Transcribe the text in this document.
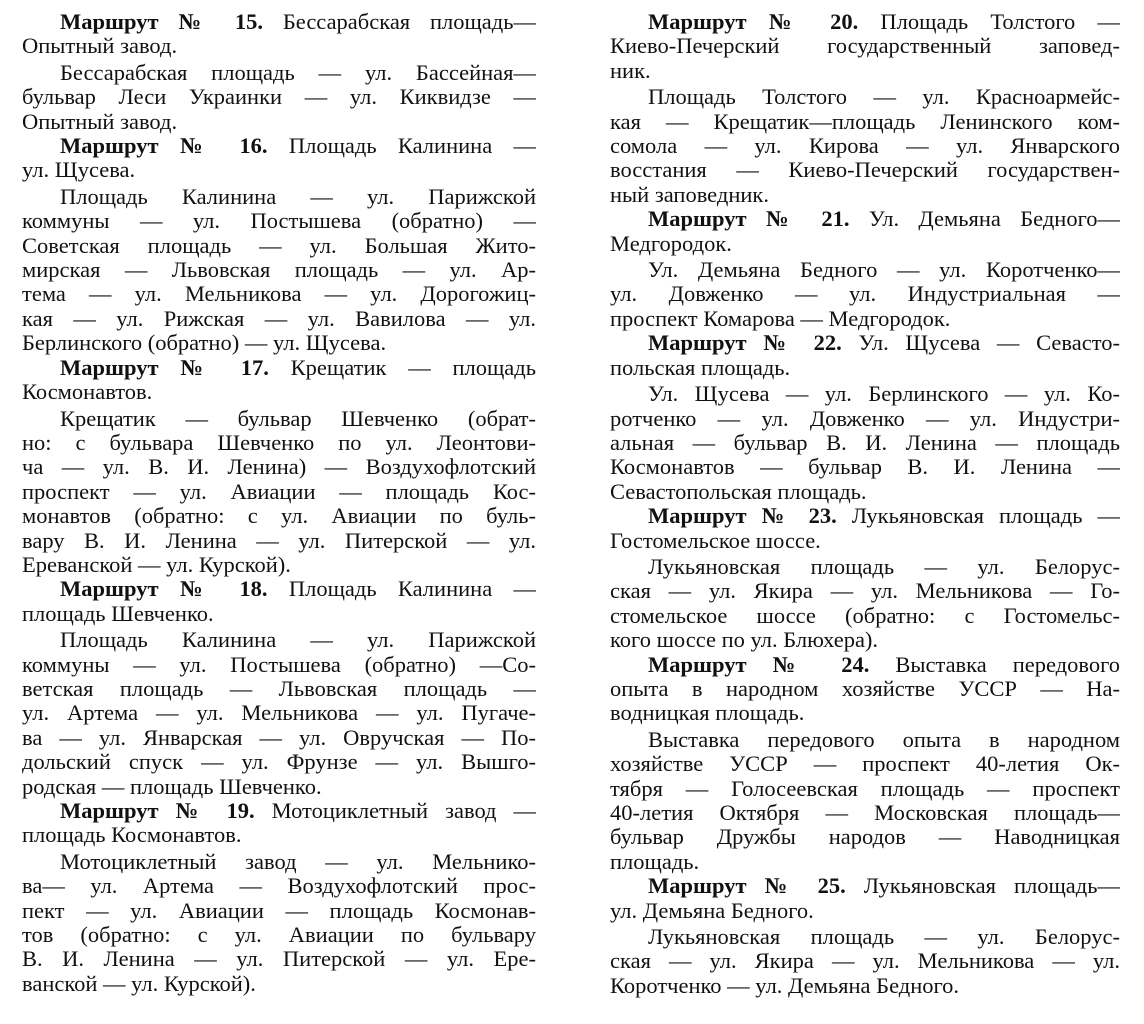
Маршрут № 15. Бессарабская площадь—
Опытный завод.
Бессарабская площадь — ул. Бассейная—
бульвар Леси Украинки — ул. Киквидзе —
Опытный завод.
Маршрут № 16. Площадь Калинина —
ул. Щусева.
Площадь Калинина — ул. Парижской
коммуны — ул. Постышева (обратно) —
Советская площадь — ул. Большая Жито-
мирская — Львовская площадь — ул. Ар-
тема — ул. Мельникова — ул. Дорогожиц-
кая — ул. Рижская — ул. Вавилова — ул.
Берлинского (обратно) — ул. Щусева.
Маршрут № 17. Крещатик — площадь
Космонавтов.
Крещатик — бульвар Шевченко (обрат-
но: с бульвара Шевченко по ул. Леонтови-
ча — ул. В. И. Ленина) — Воздухофлотский
проспект — ул. Авиации — площадь Кос-
монавтов (обратно: с ул. Авиации по буль-
вару В. И. Ленина — ул. Питерской — ул.
Ереванской — ул. Курской).
Маршрут № 18. Площадь Калинина —
площадь Шевченко.
Площадь Калинина — ул. Парижской
коммуны — ул. Постышева (обратно) —Со-
ветская площадь — Львовская площадь —
ул. Артема — ул. Мельникова — ул. Пугаче-
ва — ул. Январская — ул. Овручская — По-
дольский спуск — ул. Фрунзе — ул. Вышго-
родская — площадь Шевченко.
Маршрут № 19. Мотоциклетный завод —
площадь Космонавтов.
Мотоциклетный завод — ул. Мельнико-
ва— ул. Артема — Воздухофлотский прос-
пект — ул. Авиации — площадь Космонав-
тов (обратно: с ул. Авиации по бульвару
В. И. Ленина — ул. Питерской — ул. Ере-
ванской — ул. Курской).
Маршрут № 20. Площадь Толстого —
Киево-Печерский государственный заповед-
ник.
Площадь Толстого — ул. Красноармейс-
кая — Крещатик—площадь Ленинского ком-
сомола — ул. Кирова — ул. Январского
восстания — Киево-Печерский государствен-
ный заповедник.
Маршрут № 21. Ул. Демьяна Бедного—
Медгородок.
Ул. Демьяна Бедного — ул. Коротченко—
ул. Довженко — ул. Индустриальная —
проспект Комарова — Медгородок.
Маршрут № 22. Ул. Щусева — Севасто-
польская площадь.
Ул. Щусева — ул. Берлинского — ул. Ко-
ротченко — ул. Довженко — ул. Индустри-
альная — бульвар В. И. Ленина — площадь
Космонавтов — бульвар В. И. Ленина —
Севастопольская площадь.
Маршрут № 23. Лукьяновская площадь —
Гостомельское шоссе.
Лукьяновская площадь — ул. Белорус-
ская — ул. Якира — ул. Мельникова — Го-
стомельское шоссе (обратно: с Гостомельс-
кого шоссе по ул. Блюхера).
Маршрут № 24. Выставка передового
опыта в народном хозяйстве УССР — На-
водницкая площадь.
Выставка передового опыта в народном
хозяйстве УССР — проспект 40-летия Ок-
тября — Голосеевская площадь — проспект
40-летия Октября — Московская площадь—
бульвар Дружбы народов — Наводницкая
площадь.
Маршрут № 25. Лукьяновская площадь—
ул. Демьяна Бедного.
Лукьяновская площадь — ул. Белорус-
ская — ул. Якира — ул. Мельникова — ул.
Коротченко — ул. Демьяна Бедного.
